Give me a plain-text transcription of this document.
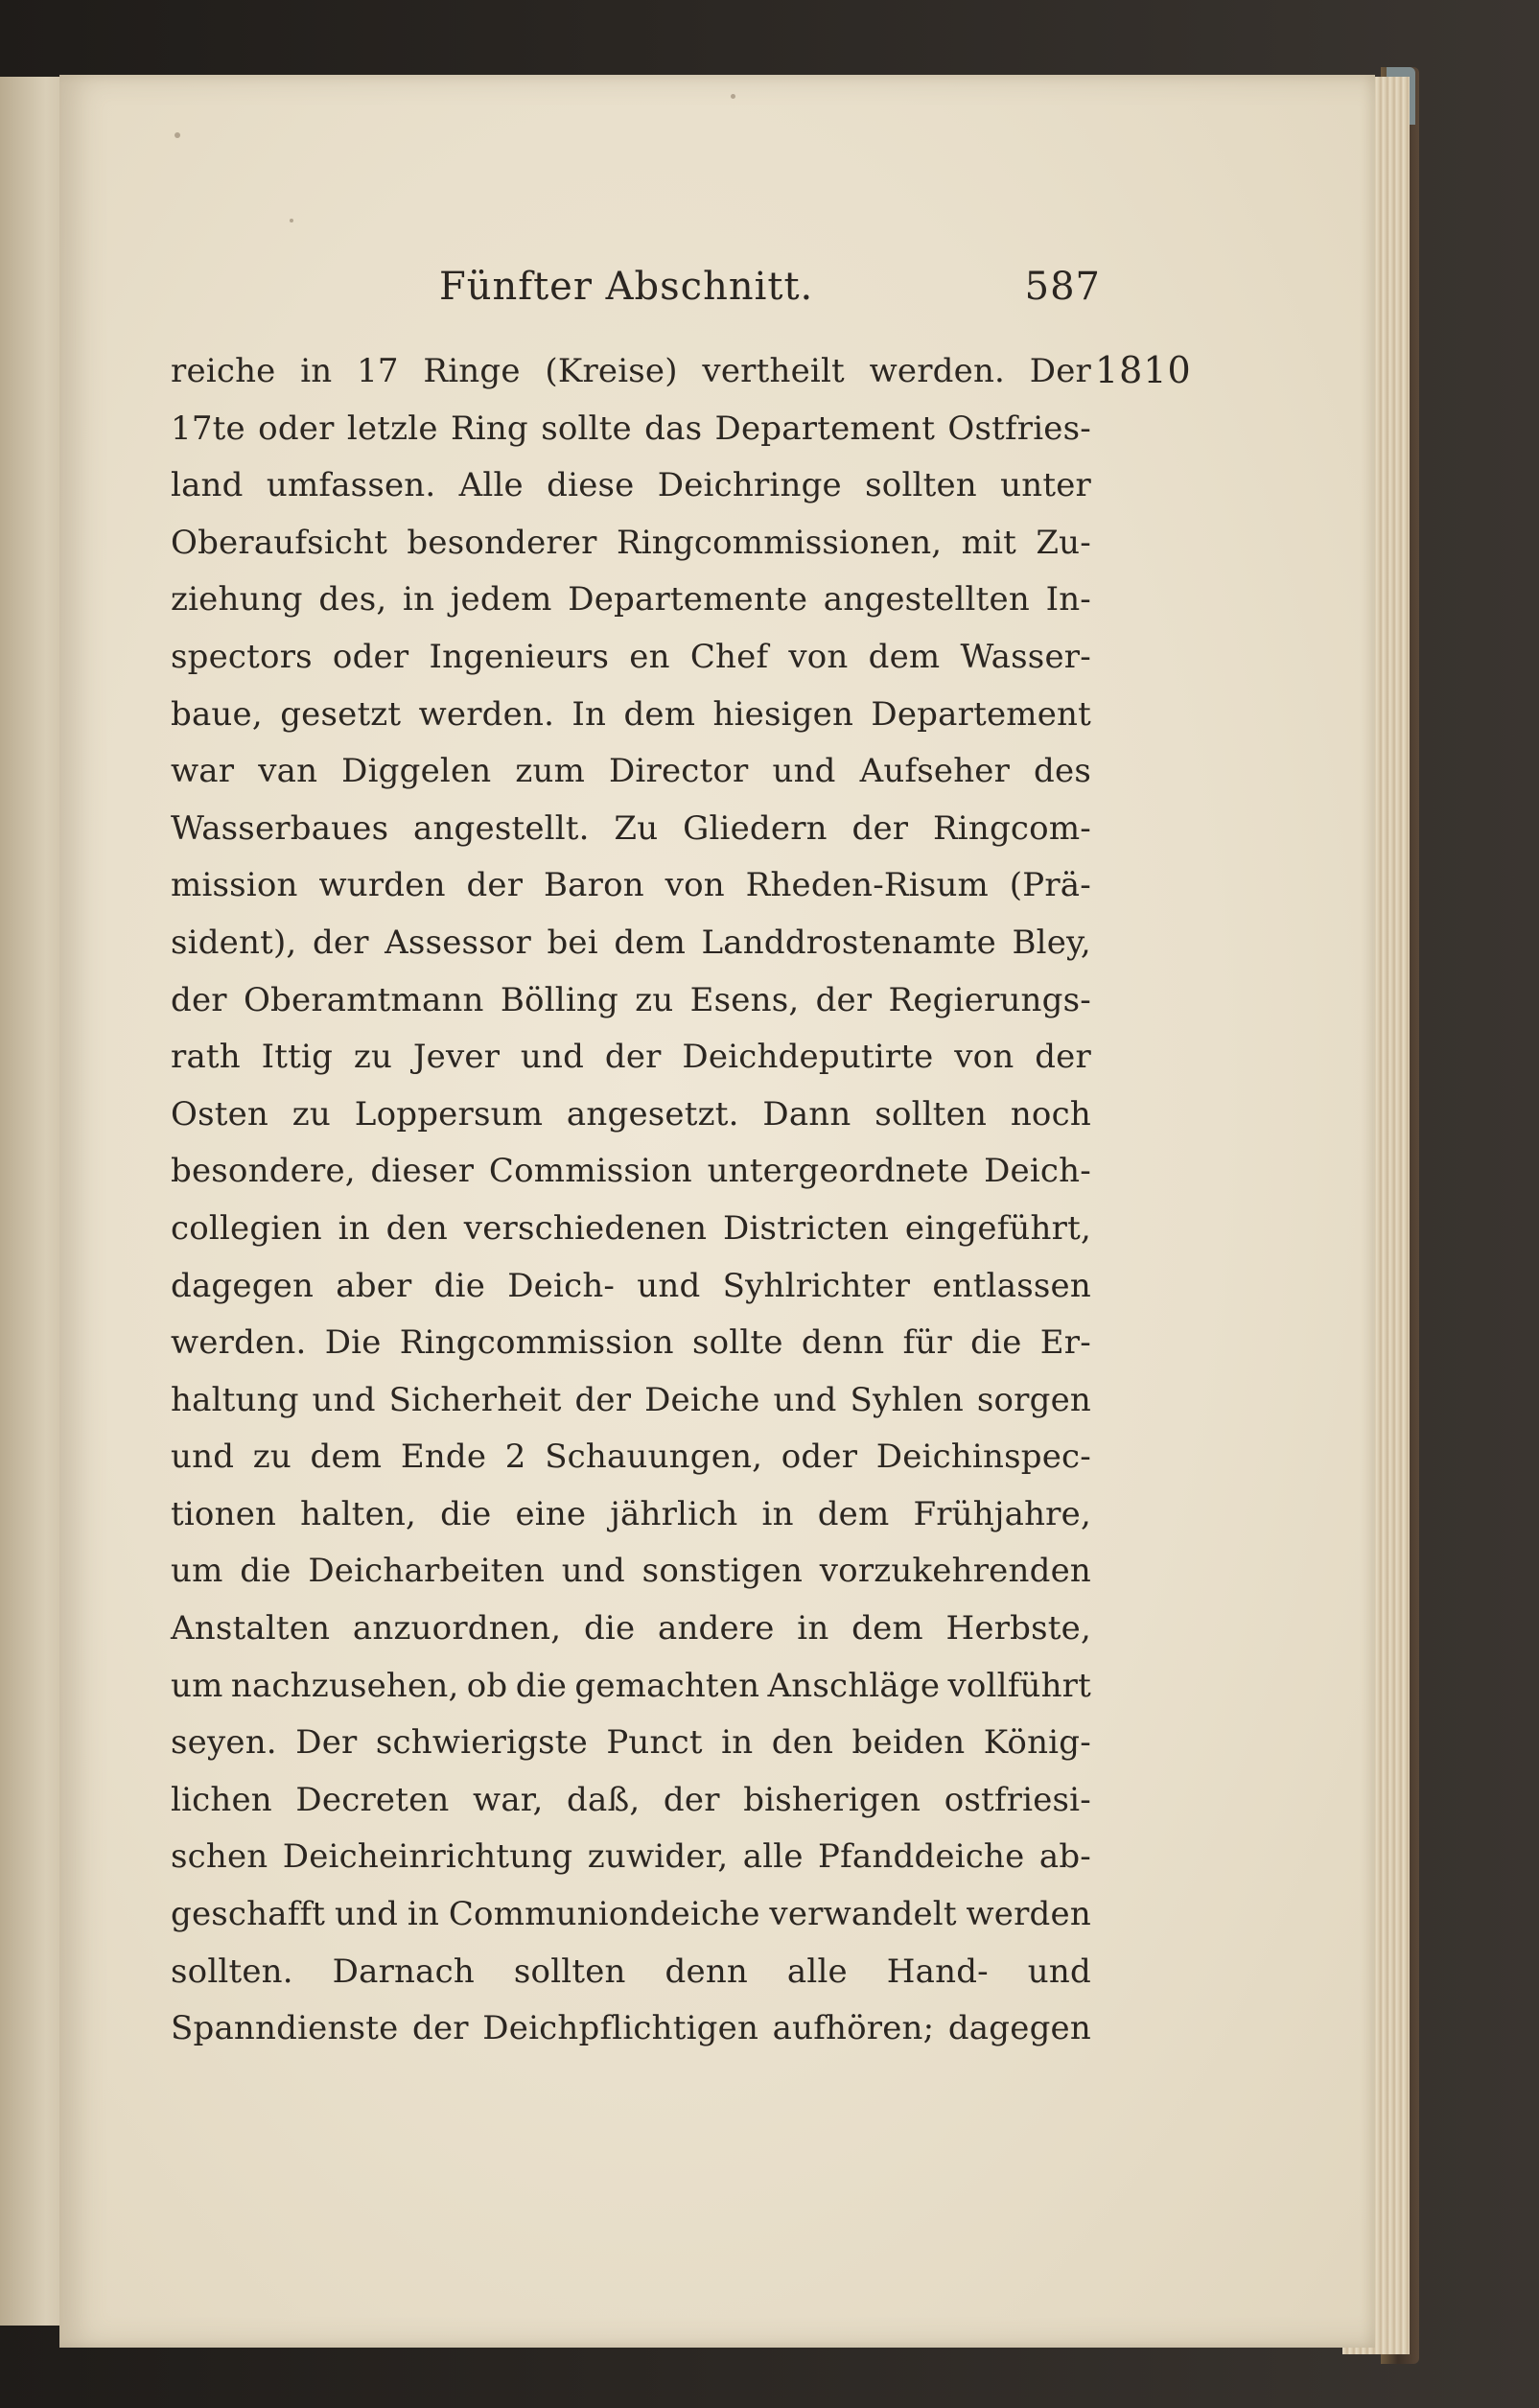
Fünfter Abschnitt.	587
reiche in 17 Ringe (Kreise) vertheilt werden. Der
17te oder letzle Ring sollte das Departement Ostfries-
land umfassen. Alle diese Deichringe sollten unter
Oberaufsicht besonderer Ringcommissionen, mit Zu-
ziehung des, in jedem Departemente angestellten In-
spectors oder Ingenieurs en Chef von dem Wasser-
baue, gesetzt werden. In dem hiesigen Departement
war van Diggelen zum Director und Aufseher des
Wasserbaues angestellt. Zu Gliedern der Ringcom-
mission wurden der Baron von Rheden-Risum (Prä-
sident), der Assessor bei dem Landdrostenamte Bley,
der Oberamtmann Bölling zu Esens, der Regierungs-
rath Ittig zu Jever und der Deichdeputirte von der
Osten zu Loppersum angesetzt. Dann sollten noch
besondere, dieser Commission untergeordnete Deich-
collegien in den verschiedenen Districten eingeführt,
dagegen aber die Deich- und Syhlrichter entlassen
werden. Die Ringcommission sollte denn für die Er-
haltung und Sicherheit der Deiche und Syhlen sorgen
und zu dem Ende 2 Schauungen, oder Deichinspec-
tionen halten, die eine jährlich in dem Frühjahre,
um die Deicharbeiten und sonstigen vorzukehrenden
Anstalten anzuordnen, die andere in dem Herbste,
um nachzusehen, ob die gemachten Anschläge vollführt
seyen. Der schwierigste Punct in den beiden König-
lichen Decreten war, daß, der bisherigen ostfriesi-
schen Deicheinrichtung zuwider, alle Pfanddeiche ab-
geschafft und in Communiondeiche verwandelt werden
sollten. Darnach sollten denn alle Hand- und
Spanndienste der Deichpflichtigen aufhören; dagegen
1810
